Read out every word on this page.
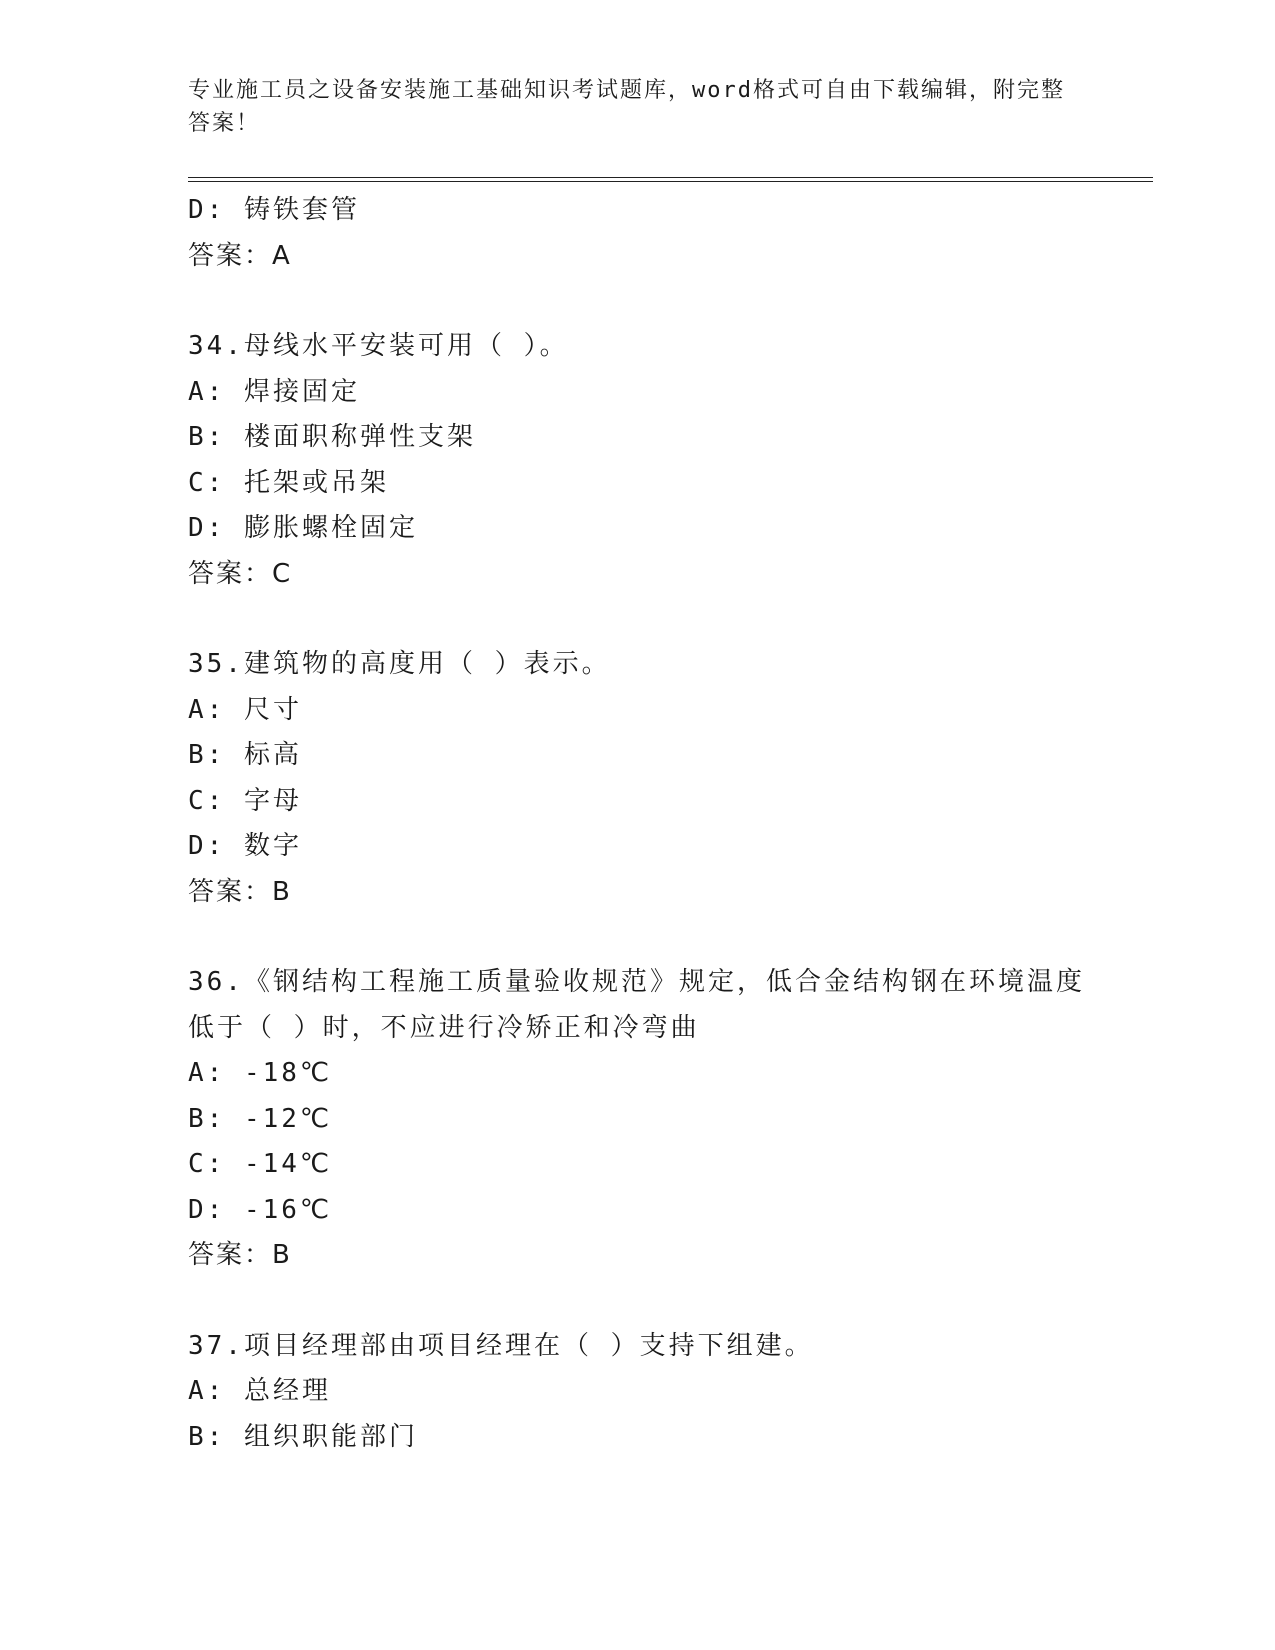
专业施工员之设备安装施工基础知识考试题库，word格式可自由下载编辑，附完整答案！
D: 铸铁套管
答案：A
34.母线水平安装可用（ ）。
A: 焊接固定
B: 楼面职称弹性支架
C: 托架或吊架
D: 膨胀螺栓固定
答案：C
35.建筑物的高度用（ ）表示。
A: 尺寸
B: 标高
C: 字母
D: 数字
答案：B
36.《钢结构工程施工质量验收规范》规定，低合金结构钢在环境温度
低于（ ）时，不应进行冷矫正和冷弯曲
A: -18℃
B: -12℃
C: -14℃
D: -16℃
答案：B
37.项目经理部由项目经理在（ ）支持下组建。
A: 总经理
B: 组织职能部门
